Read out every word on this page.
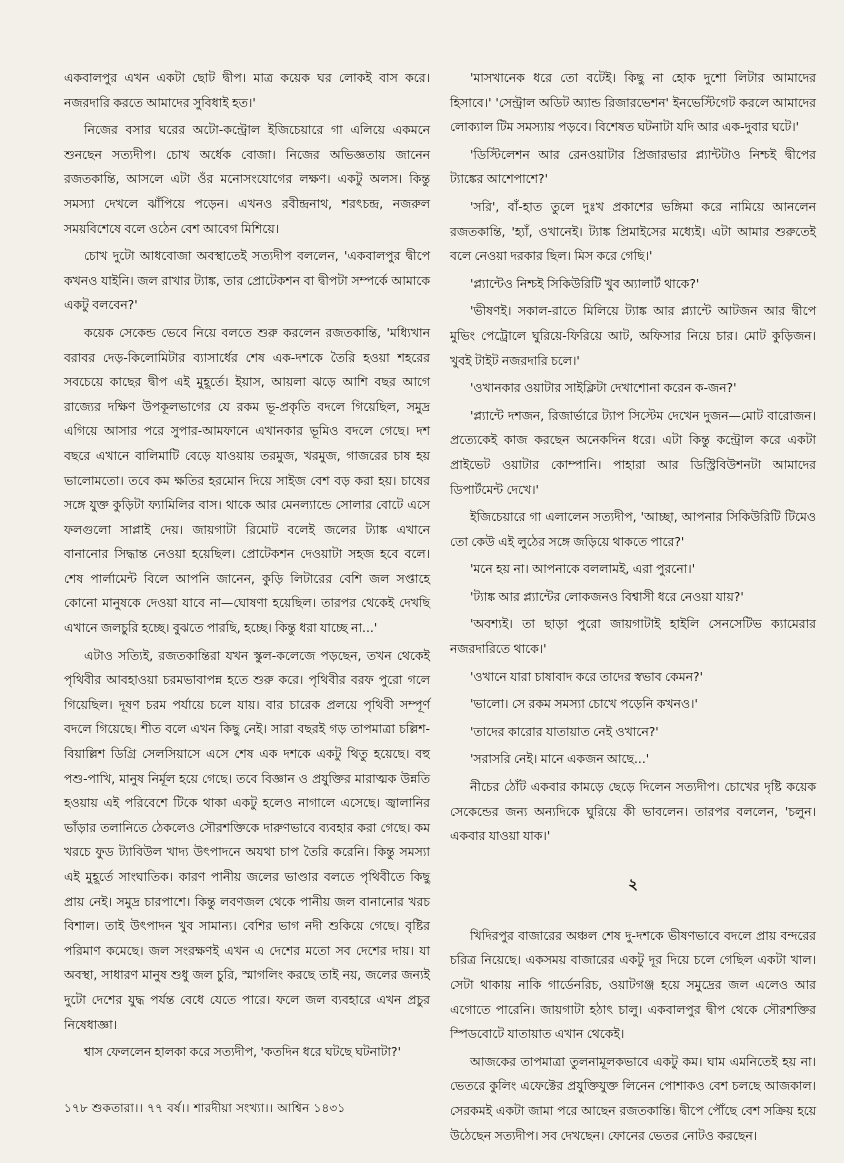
একবালপুর এখন একটা ছোট দ্বীপ। মাত্র কয়েক ঘর লোকই বাস করে। নজরদারি করতে আমাদের সুবিধাই হত।'

নিজের বসার ঘরের অটো-কন্ট্রোল ইজিচেয়ারে গা এলিয়ে একমনে শুনছেন সত্যদীপ। চোখ অর্ধেক বোজা। নিজের অভিজ্ঞতায় জানেন রজতকান্তি, আসলে এটা ওঁর মনোসংযোগের লক্ষণ। একটু অলস। কিন্তু সমস্যা দেখলে ঝাঁপিয়ে পড়েন। এখনও রবীন্দ্রনাথ, শরৎচন্দ্র, নজরুল সময়বিশেষে বলে ওঠেন বেশ আবেগ মিশিয়ে।

চোখ দুটো আধবোজা অবস্থাতেই সত্যদীপ বললেন, 'একবালপুর দ্বীপে কখনও যাইনি। জল রাখার ট্যাঙ্ক, তার প্রোটেকশন বা দ্বীপটা সম্পর্কে আমাকে একটু বলবেন?'

কয়েক সেকেন্ড ভেবে নিয়ে বলতে শুরু করলেন রজতকান্তি, 'মধ্যিখান বরাবর দেড়-কিলোমিটার ব্যাসার্ধের শেষ এক-দশকে তৈরি হওয়া শহরের সবচেয়ে কাছের দ্বীপ এই মুহূর্তে। ইয়াস, আয়লা ঝড়ে আশি বছর আগে রাজ্যের দক্ষিণ উপকূলভাগের যে রকম ভূ-প্রকৃতি বদলে গিয়েছিল, সমুদ্র এগিয়ে আসার পরে সুপার-আমফানে এখানকার ভূমিও বদলে গেছে। দশ বছরে এখানে বালিমাটি বেড়ে যাওয়ায় তরমুজ, খরমুজ, গাজরের চাষ হয় ভালোমতো। তবে কম ক্ষতির হরমোন দিয়ে সাইজ বেশ বড় করা হয়। চাষের সঙ্গে যুক্ত কুড়িটা ফ্যামিলির বাস। থাকে আর মেনল্যান্ডে সোলার বোটে এসে ফলগুলো সাপ্লাই দেয়। জায়গাটা রিমোট বলেই জলের ট্যাঙ্ক এখানে বানানোর সিদ্ধান্ত নেওয়া হয়েছিল। প্রোটেকশন দেওয়াটা সহজ হবে বলে। শেষ পার্লামেন্ট বিলে আপনি জানেন, কুড়ি লিটারের বেশি জল সপ্তাহে কোনো মানুষকে দেওয়া যাবে না—ঘোষণা হয়েছিল। তারপর থেকেই দেখছি এখানে জলচুরি হচ্ছে। বুঝতে পারছি, হচ্ছে। কিন্তু ধরা যাচ্ছে না...'

এটাও সত্যিই, রজতকান্তিরা যখন স্কুল-কলেজে পড়ছেন, তখন থেকেই পৃথিবীর আবহাওয়া চরমভাবাপন্ন হতে শুরু করে। পৃথিবীর বরফ পুরো গলে গিয়েছিল। দূষণ চরম পর্যায়ে চলে যায়। বার চারেক প্রলয়ে পৃথিবী সম্পূর্ণ বদলে গিয়েছে। শীত বলে এখন কিছু নেই। সারা বছরই গড় তাপমাত্রা চল্লিশ-বিয়াল্লিশ ডিগ্রি সেলসিয়াসে এসে শেষ এক দশকে একটু থিতু হয়েছে। বহু পশু-পাখি, মানুষ নির্মূল হয়ে গেছে। তবে বিজ্ঞান ও প্রযুক্তির মারাত্মক উন্নতি হওয়ায় এই পরিবেশে টিকে থাকা একটু হলেও নাগালে এসেছে। জ্বালানির ভাঁড়ার তলানিতে ঠেকলেও সৌরশক্তিকে দারুণভাবে ব্যবহার করা গেছে। কম খরচে ফুড ট্যাবিউল খাদ্য উৎপাদনে অযথা চাপ তৈরি করেনি। কিন্তু সমস্যা এই মুহূর্তে সাংঘাতিক। কারণ পানীয় জলের ভাণ্ডার বলতে পৃথিবীতে কিছু প্রায় নেই। সমুদ্র চারপাশে। কিন্তু লবণজল থেকে পানীয় জল বানানোর খরচ বিশাল। তাই উৎপাদন খুব সামান্য। বেশির ভাগ নদী শুকিয়ে গেছে। বৃষ্টির পরিমাণ কমেছে। জল সংরক্ষণই এখন এ দেশের মতো সব দেশের দায়। যা অবস্থা, সাধারণ মানুষ শুধু জল চুরি, স্মাগলিং করছে তাই নয়, জলের জন্যই দুটো দেশের যুদ্ধ পর্যন্ত বেধে যেতে পারে। ফলে জল ব্যবহারে এখন প্রচুর নিষেধাজ্ঞা।

শ্বাস ফেললেন হালকা করে সত্যদীপ, 'কতদিন ধরে ঘটছে ঘটনাটা?'

'মাসখানেক ধরে তো বটেই। কিছু না হোক দুশো লিটার আমাদের হিসাবে।' 'সেন্ট্রাল অডিট অ্যান্ড রিজারভেশন' ইনভেস্টিগেট করলে আমাদের লোক্যাল টিম সমস্যায় পড়বে। বিশেষত ঘটনাটা যদি আর এক-দুবার ঘটে।'

'ডিস্টিলেশন আর রেনওয়াটার প্রিজারভার প্ল্যান্টটাও নিশ্চই দ্বীপের ট্যাঙ্কের আশেপাশে?'

'সরি', বাঁ-হাত তুলে দুঃখ প্রকাশের ভঙ্গিমা করে নামিয়ে আনলেন রজতকান্তি, 'হ্যাঁ, ওখানেই। ট্যাঙ্ক প্রিমাইসের মধ্যেই। এটা আমার শুরুতেই বলে নেওয়া দরকার ছিল। মিস করে গেছি।'

'প্ল্যান্টেও নিশ্চই সিকিউরিটি খুব অ্যালার্ট থাকে?'

'ভীষণই। সকাল-রাতে মিলিয়ে ট্যাঙ্ক আর প্ল্যান্টে আটজন আর দ্বীপে মুভিং পেট্রোলে ঘুরিয়ে-ফিরিয়ে আট, অফিসার নিয়ে চার। মোট কুড়িজন। খুবই টাইট নজরদারি চলে।'

'ওখানকার ওয়াটার সাইক্লিটা দেখাশোনা করেন ক-জন?'

'প্ল্যান্টে দশজন, রিজার্ভারে ট্যাপ সিস্টেম দেখেন দুজন—মোট বারোজন। প্রত্যেকেই কাজ করছেন অনেকদিন ধরে। এটা কিন্তু কন্ট্রোল করে একটা প্রাইভেট ওয়াটার কোম্পানি। পাহারা আর ডিস্ট্রিবিউশনটা আমাদের ডিপার্টমেন্ট দেখে।'

ইজিচেয়ারে গা এলালেন সত্যদীপ, 'আচ্ছা, আপনার সিকিউরিটি টিমেও তো কেউ এই লুঠের সঙ্গে জড়িয়ে থাকতে পারে?'

'মনে হয় না। আপনাকে বললামই, এরা পুরনো।'

'ট্যাঙ্ক আর প্ল্যান্টের লোকজনও বিশ্বাসী ধরে নেওয়া যায়?'

'অবশ্যই। তা ছাড়া পুরো জায়গাটাই হাইলি সেনসেটিভ ক্যামেরার নজরদারিতে থাকে।'

'ওখানে যারা চাষাবাদ করে তাদের স্বভাব কেমন?'

'ভালো। সে রকম সমস্যা চোখে পড়েনি কখনও।'

'তাদের কারোর যাতায়াত নেই ওখানে?'

'সরাসরি নেই। মানে একজন আছে...'

নীচের ঠোঁট একবার কামড়ে ছেড়ে দিলেন সত্যদীপ। চোখের দৃষ্টি কয়েক সেকেন্ডের জন্য অন্যদিকে ঘুরিয়ে কী ভাবলেন। তারপর বললেন, 'চলুন। একবার যাওয়া যাক।'

২

খিদিরপুর বাজারের অঞ্চল শেষ দু-দশকে ভীষণভাবে বদলে প্রায় বন্দরের চরিত্র নিয়েছে। একসময় বাজারের একটু দূর দিয়ে চলে গেছিল একটা খাল। সেটা থাকায় নাকি গার্ডেনরিচ, ওয়াটগঞ্জ হয়ে সমুদ্রের জল এলেও আর এগোতে পারেনি। জায়গাটা হঠাৎ চালু। একবালপুর দ্বীপ থেকে সৌরশক্তির স্পিডবোটে যাতায়াত এখান থেকেই।

আজকের তাপমাত্রা তুলনামূলকভাবে একটু কম। ঘাম এমনিতেই হয় না। ভেতরে কুলিং এফেক্টের প্রযুক্তিযুক্ত লিনেন পোশাকও বেশ চলছে আজকাল। সেরকমই একটা জামা পরে আছেন রজতকান্তি। দ্বীপে পৌঁছে বেশ সক্রিয় হয়ে উঠেছেন সত্যদীপ। সব দেখছেন। ফোনের ভেতর নোটও করছেন।

১৭৮ শুকতারা।। ৭৭ বর্ষ।। শারদীয়া সংখ্যা।। আশ্বিন ১৪৩১
